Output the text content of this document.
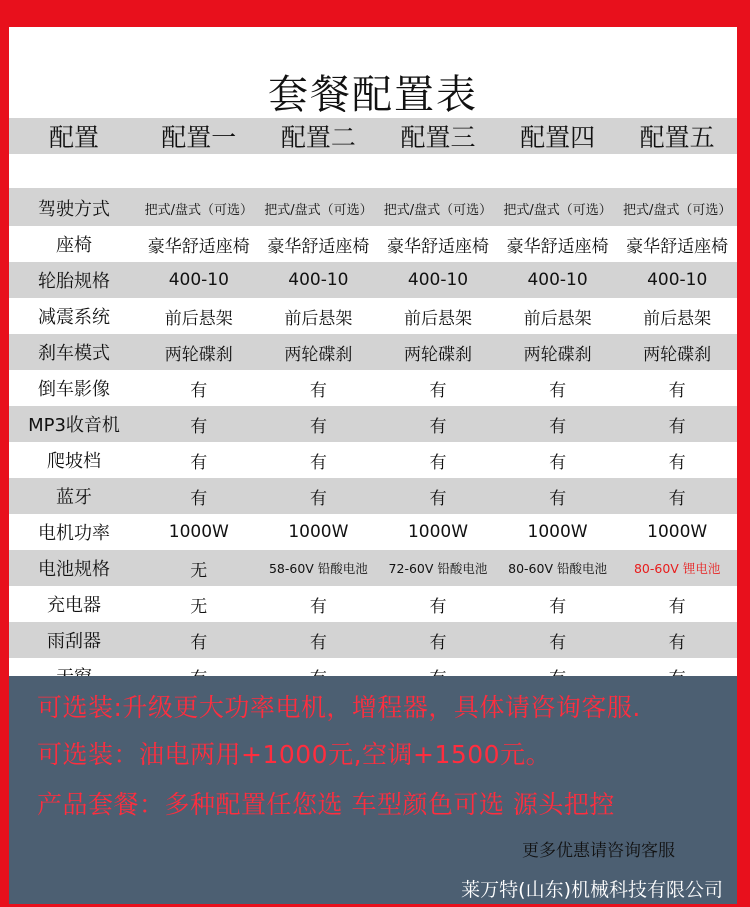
套餐配置表
配置	配置一	配置二	配置三	配置四	配置五
驾驶方式	把式/盘式（可选） 把式/盘式（可选） 把式/盘式（可选） 把式/盘式（可选） 把式/盘式（可选）
座椅	豪华舒适座椅	豪华舒适座椅	豪华舒适座椅	豪华舒适座椅	豪华舒适座椅
轮胎规格	400-10	400-10	400-10	400-10	400-10
减震系统	前后悬架	前后悬架	前后悬架	前后悬架	前后悬架
刹车模式	两轮碟刹	两轮碟刹	两轮碟刹	两轮碟刹	两轮碟刹
倒车影像	有	有	有	有	有
MP3收音机	有	有	有	有	有
爬坡档	有	有	有	有	有
蓝牙	有	有	有	有	有
电机功率	1000W	1000W	1000W	1000W	1000W
电池规格	无	58-60V 铅酸电池	72-60V 铅酸电池	80-60V 铅酸电池	80-60V 锂电池
充电器	无	有	有	有	有
雨刮器	有	有	有	有	有
可选装:升级更大功率电机，增程器，具体请咨询客服.
可选装：油电两用+1000元,空调+1500元。
产品套餐：多种配置任您选 车型颜色可选 源头把控
更多优惠请咨询客服
莱万特(山东)机械科技有限公司
